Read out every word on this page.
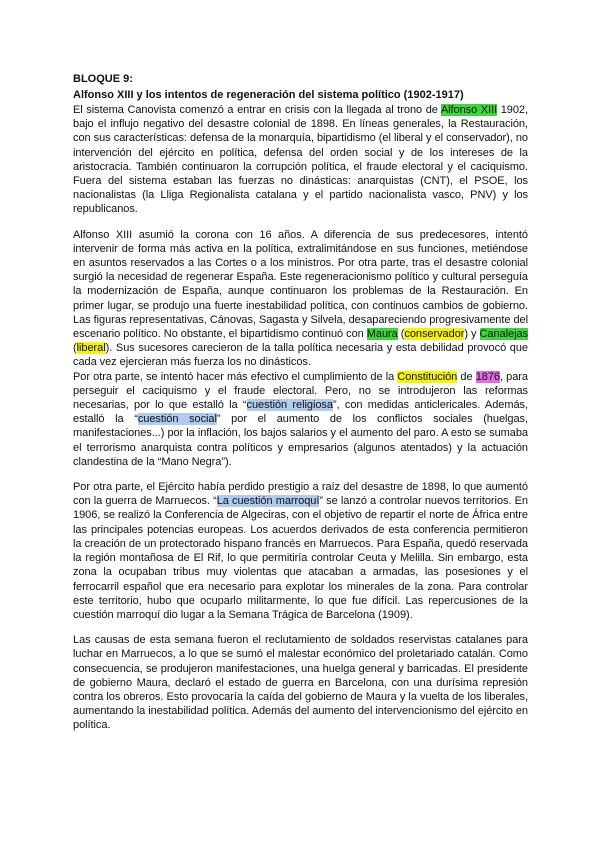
BLOQUE 9:

Alfonso XIII y los intentos de regeneración del sistema político (1902-1917)

El sistema Canovista comenzó a entrar en crisis con la llegada al trono de Alfonso XIII 1902, bajo el influjo negativo del desastre colonial de 1898. En líneas generales, la Restauración, con sus características: defensa de la monarquía, bipartidismo (el liberal y el conservador), no intervención del ejército en política, defensa del orden social y de los intereses de la aristocracia. También continuaron la corrupción política, el fraude electoral y el caciquismo. Fuera del sistema estaban las fuerzas no dinásticas: anarquistas (CNT), el PSOE, los nacionalistas (la Lliga Regionalista catalana y el partido nacionalista vasco, PNV) y los republicanos.

Alfonso XIII asumió la corona con 16 años. A diferencia de sus predecesores, intentó intervenir de forma más activa en la política, extralimitándose en sus funciones, metiéndose en asuntos reservados a las Cortes o a los ministros. Por otra parte, tras el desastre colonial surgió la necesidad de regenerar España. Este regeneracionismo político y cultural perseguía la modernización de España, aunque continuaron los problemas de la Restauración. En primer lugar, se produjo una fuerte inestabilidad política, con continuos cambios de gobierno. Las figuras representativas, Cánovas, Sagasta y Silvela, desapareciendo progresivamente del escenario político. No obstante, el bipartidismo continuó con Maura (conservador) y Canalejas (liberal). Sus sucesores carecieron de la talla política necesaria y esta debilidad provocó que cada vez ejercieran más fuerza los no dinásticos.

Por otra parte, se intentó hacer más efectivo el cumplimiento de la Constitución de 1876, para perseguir el caciquismo y el fraude electoral. Pero, no se introdujeron las reformas necesarias, por lo que estalló la “cuestión religiosa”, con medidas anticlericales. Además, estalló la “cuestión social” por el aumento de los conflictos sociales (huelgas, manifestaciones...) por la inflación, los bajos salarios y el aumento del paro. A esto se sumaba el terrorismo anarquista contra políticos y empresarios (algunos atentados) y la actuación clandestina de la “Mano Negra”).

Por otra parte, el Ejército había perdido prestigio a raíz del desastre de 1898, lo que aumentó con la guerra de Marruecos. “La cuestión marroquí” se lanzó a controlar nuevos territorios. En 1906, se realizó la Conferencia de Algeciras, con el objetivo de repartir el norte de África entre las principales potencias europeas. Los acuerdos derivados de esta conferencia permitieron la creación de un protectorado hispano francés en Marruecos. Para España, quedó reservada la región montañosa de El Rif, lo que permitiría controlar Ceuta y Melilla. Sin embargo, esta zona la ocupaban tribus muy violentas que atacaban a armadas, las posesiones y el ferrocarril español que era necesario para explotar los minerales de la zona. Para controlar este territorio, hubo que ocuparlo militarmente, lo que fue difícil. Las repercusiones de la cuestión marroquí dio lugar a la Semana Trágica de Barcelona (1909).

Las causas de esta semana fueron el reclutamiento de soldados reservistas catalanes para luchar en Marruecos, a lo que se sumó el malestar económico del proletariado catalán. Como consecuencia, se produjeron manifestaciones, una huelga general y barricadas. El presidente de gobierno Maura, declaró el estado de guerra en Barcelona, con una durísima represión contra los obreros. Esto provocaría la caída del gobierno de Maura y la vuelta de los liberales, aumentando la inestabilidad política. Además del aumento del intervencionismo del ejército en política.
